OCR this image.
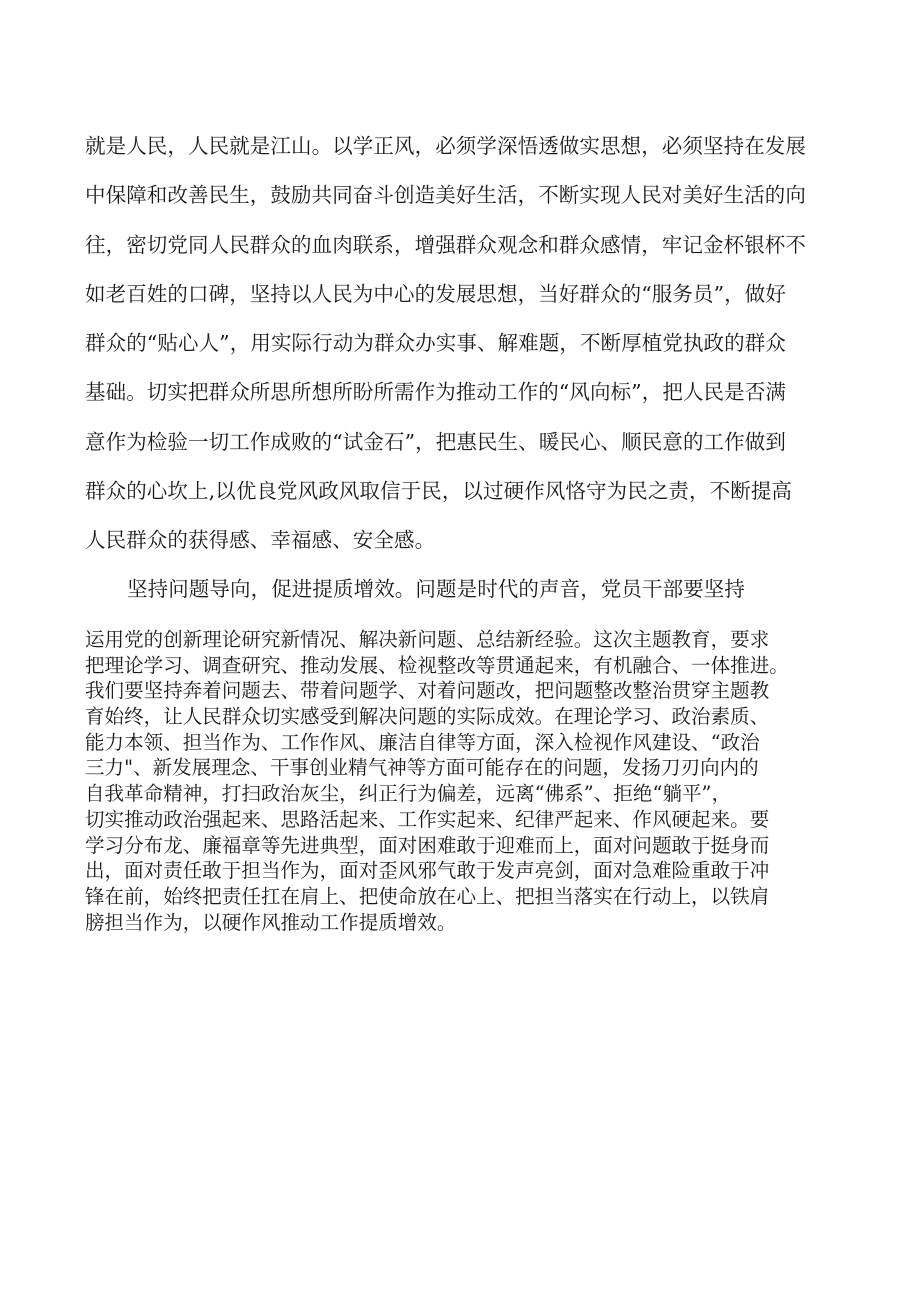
就是人民，人民就是江山。以学正风，必须学深悟透做实思想，必须坚持在发展
中保障和改善民生，鼓励共同奋斗创造美好生活，不断实现人民对美好生活的向
往，密切党同人民群众的血肉联系，增强群众观念和群众感情，牢记金杯银杯不
如老百姓的口碑，坚持以人民为中心的发展思想，当好群众的“服务员”，做好
群众的“贴心人”，用实际行动为群众办实事、解难题，不断厚植党执政的群众
基础。切实把群众所思所想所盼所需作为推动工作的“风向标”，把人民是否满
意作为检验一切工作成败的“试金石”，把惠民生、暖民心、顺民意的工作做到
群众的心坎上,以优良党风政风取信于民，以过硬作风恪守为民之责，不断提高
人民群众的获得感、幸福感、安全感。
坚持问题导向，促进提质增效。问题是时代的声音，党员干部要坚持
运用党的创新理论研究新情况、解决新问题、总结新经验。这次主题教育，要求
把理论学习、调查研究、推动发展、检视整改等贯通起来，有机融合、一体推进。
我们要坚持奔着问题去、带着问题学、对着问题改，把问题整改整治贯穿主题教
育始终，让人民群众切实感受到解决问题的实际成效。在理论学习、政治素质、
能力本领、担当作为、工作作风、廉洁自律等方面，深入检视作风建设、“政治
三力"、新发展理念、干事创业精气神等方面可能存在的问题，发扬刀刃向内的
自我革命精神，打扫政治灰尘，纠正行为偏差，远离“佛系”、拒绝“躺平”，
切实推动政治强起来、思路活起来、工作实起来、纪律严起来、作风硬起来。要
学习分布龙、廉福章等先进典型，面对困难敢于迎难而上，面对问题敢于挺身而
出，面对责任敢于担当作为，面对歪风邪气敢于发声亮剑，面对急难险重敢于冲
锋在前，始终把责任扛在肩上、把使命放在心上、把担当落实在行动上，以铁肩
膀担当作为，以硬作风推动工作提质增效。
